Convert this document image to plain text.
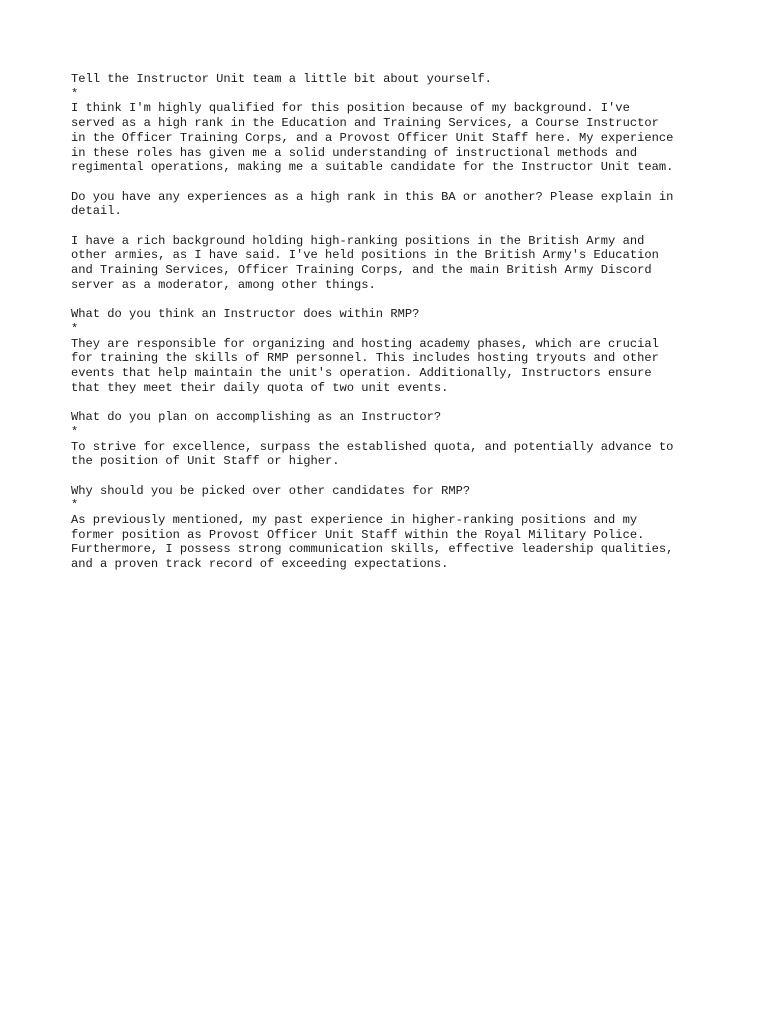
Tell the Instructor Unit team a little bit about yourself.
*
I think I'm highly qualified for this position because of my background. I've
served as a high rank in the Education and Training Services, a Course Instructor
in the Officer Training Corps, and a Provost Officer Unit Staff here. My experience
in these roles has given me a solid understanding of instructional methods and
regimental operations, making me a suitable candidate for the Instructor Unit team.
Do you have any experiences as a high rank in this BA or another? Please explain in
detail.
I have a rich background holding high-ranking positions in the British Army and
other armies, as I have said. I've held positions in the British Army's Education
and Training Services, Officer Training Corps, and the main British Army Discord
server as a moderator, among other things.
What do you think an Instructor does within RMP?
*
They are responsible for organizing and hosting academy phases, which are crucial
for training the skills of RMP personnel. This includes hosting tryouts and other
events that help maintain the unit's operation. Additionally, Instructors ensure
that they meet their daily quota of two unit events.
What do you plan on accomplishing as an Instructor?
*
To strive for excellence, surpass the established quota, and potentially advance to
the position of Unit Staff or higher.
Why should you be picked over other candidates for RMP?
*
As previously mentioned, my past experience in higher-ranking positions and my
former position as Provost Officer Unit Staff within the Royal Military Police.
Furthermore, I possess strong communication skills, effective leadership qualities,
and a proven track record of exceeding expectations.
